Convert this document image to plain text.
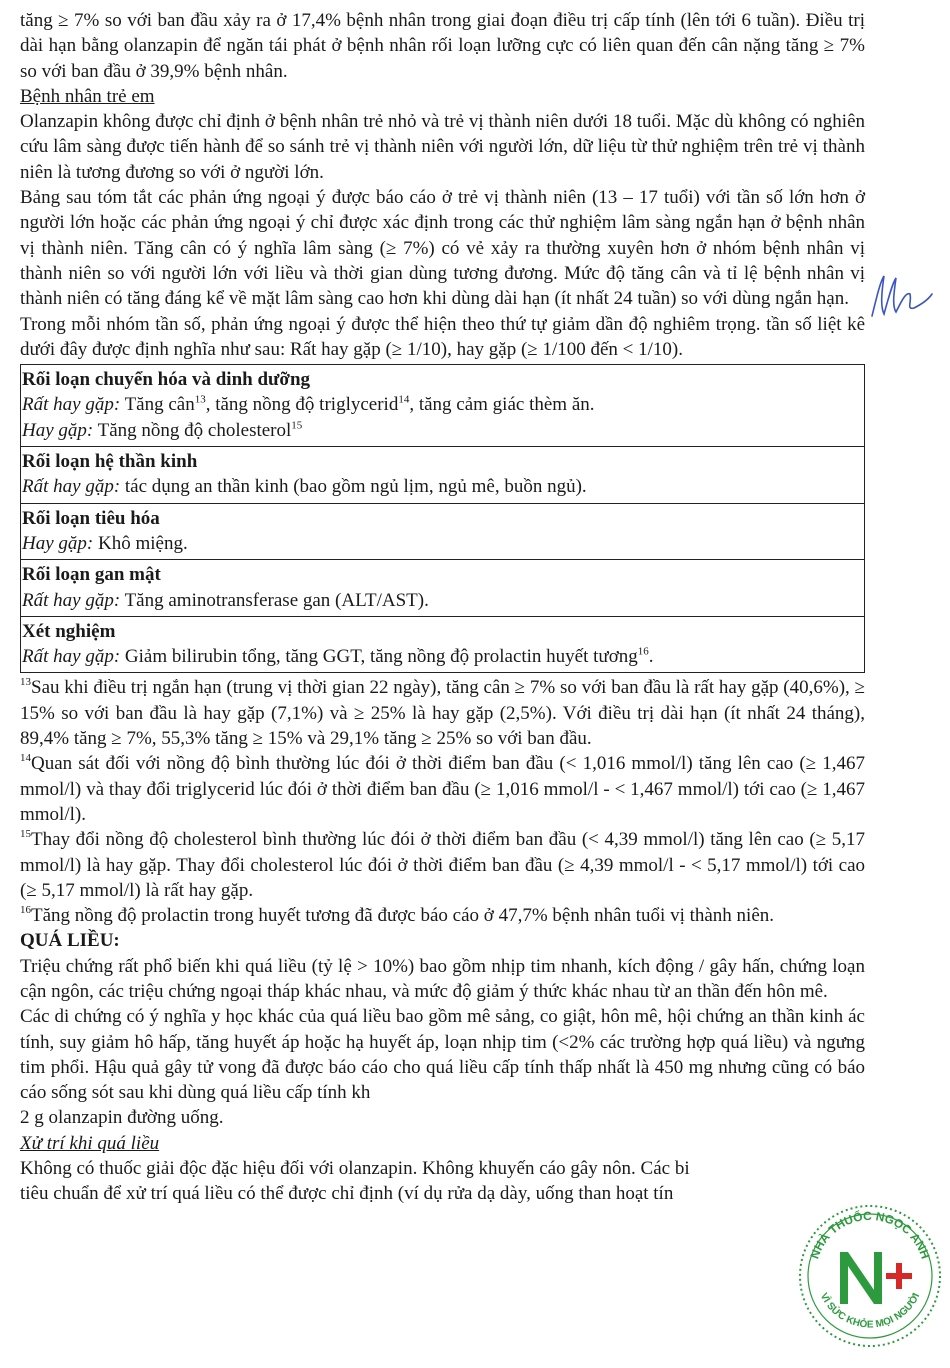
tăng ≥ 7% so với ban đầu xảy ra ở 17,4% bệnh nhân trong giai đoạn điều trị cấp tính (lên tới 6 tuần). Điều trị dài hạn bằng olanzapin để ngăn tái phát ở bệnh nhân rối loạn lưỡng cực có liên quan đến cân nặng tăng ≥ 7% so với ban đầu ở 39,9% bệnh nhân.

Bệnh nhân trẻ em

Olanzapin không được chỉ định ở bệnh nhân trẻ nhỏ và trẻ vị thành niên dưới 18 tuổi. Mặc dù không có nghiên cứu lâm sàng được tiến hành để so sánh trẻ vị thành niên với người lớn, dữ liệu từ thử nghiệm trên trẻ vị thành niên là tương đương so với ở người lớn.

Bảng sau tóm tắt các phản ứng ngoại ý được báo cáo ở trẻ vị thành niên (13 – 17 tuổi) với tần số lớn hơn ở người lớn hoặc các phản ứng ngoại ý chỉ được xác định trong các thử nghiệm lâm sàng ngắn hạn ở bệnh nhân vị thành niên. Tăng cân có ý nghĩa lâm sàng (≥ 7%) có vẻ xảy ra thường xuyên hơn ở nhóm bệnh nhân vị thành niên so với người lớn với liều và thời gian dùng tương đương. Mức độ tăng cân và tỉ lệ bệnh nhân vị thành niên có tăng đáng kể về mặt lâm sàng cao hơn khi dùng dài hạn (ít nhất 24 tuần) so với dùng ngắn hạn.

Trong mỗi nhóm tần số, phản ứng ngoại ý được thể hiện theo thứ tự giảm dần độ nghiêm trọng. tần số liệt kê dưới đây được định nghĩa như sau: Rất hay gặp (≥ 1/10), hay gặp (≥ 1/100 đến < 1/10).

Rối loạn chuyển hóa và dinh dưỡng
Rất hay gặp: Tăng cân$^{13}$, tăng nồng độ triglycerid$^{14}$, tăng cảm giác thèm ăn.
Hay gặp: Tăng nồng độ cholesterol$^{15}$

Rối loạn hệ thần kinh
Rất hay gặp: tác dụng an thần kinh (bao gồm ngủ lịm, ngủ mê, buồn ngủ).

Rối loạn tiêu hóa
Hay gặp: Khô miệng.

Rối loạn gan mật
Rất hay gặp: Tăng aminotransferase gan (ALT/AST).

Xét nghiệm
Rất hay gặp: Giảm bilirubin tổng, tăng GGT, tăng nồng độ prolactin huyết tương$^{16}$.

$^{13}$Sau khi điều trị ngắn hạn (trung vị thời gian 22 ngày), tăng cân ≥ 7% so với ban đầu là rất hay gặp (40,6%), ≥ 15% so với ban đầu là hay gặp (7,1%) và ≥ 25% là hay gặp (2,5%). Với điều trị dài hạn (ít nhất 24 tháng), 89,4% tăng ≥ 7%, 55,3% tăng ≥ 15% và 29,1% tăng ≥ 25% so với ban đầu.

$^{14}$Quan sát đối với nồng độ bình thường lúc đói ở thời điểm ban đầu (< 1,016 mmol/l) tăng lên cao (≥ 1,467 mmol/l) và thay đổi triglycerid lúc đói ở thời điểm ban đầu (≥ 1,016 mmol/l - < 1,467 mmol/l) tới cao (≥ 1,467 mmol/l).

$^{15}$Thay đổi nồng độ cholesterol bình thường lúc đói ở thời điểm ban đầu (< 4,39 mmol/l) tăng lên cao (≥ 5,17 mmol/l) là hay gặp. Thay đổi cholesterol lúc đói ở thời điểm ban đầu (≥ 4,39 mmol/l - < 5,17 mmol/l) tới cao (≥ 5,17 mmol/l) là rất hay gặp.

$^{16}$Tăng nồng độ prolactin trong huyết tương đã được báo cáo ở 47,7% bệnh nhân tuổi vị thành niên.

QUÁ LIỀU:

Triệu chứng rất phổ biến khi quá liều (tỷ lệ > 10%) bao gồm nhịp tim nhanh, kích động / gây hấn, chứng loạn cận ngôn, các triệu chứng ngoại tháp khác nhau, và mức độ giảm ý thức khác nhau từ an thần đến hôn mê.

Các di chứng có ý nghĩa y học khác của quá liều bao gồm mê sảng, co giật, hôn mê, hội chứng an thần kinh ác tính, suy giảm hô hấp, tăng huyết áp hoặc hạ huyết áp, loạn nhịp tim (<2% các trường hợp quá liều) và ngưng tim phổi. Hậu quả gây tử vong đã được báo cáo cho quá liều cấp tính thấp nhất là 450 mg nhưng cũng có báo cáo sống sót sau khi dùng quá liều cấp tính kh

2 g olanzapin đường uống.

Xử trí khi quá liều

Không có thuốc giải độc đặc hiệu đối với olanzapin. Không khuyến cáo gây nôn. Các bi

tiêu chuẩn để xử trí quá liều có thể được chỉ định (ví dụ rửa dạ dày, uống than hoạt tín

NHÀ THUỐC NGỌC ANH
VÌ SỨC KHỎE MỌI NGƯỜI
